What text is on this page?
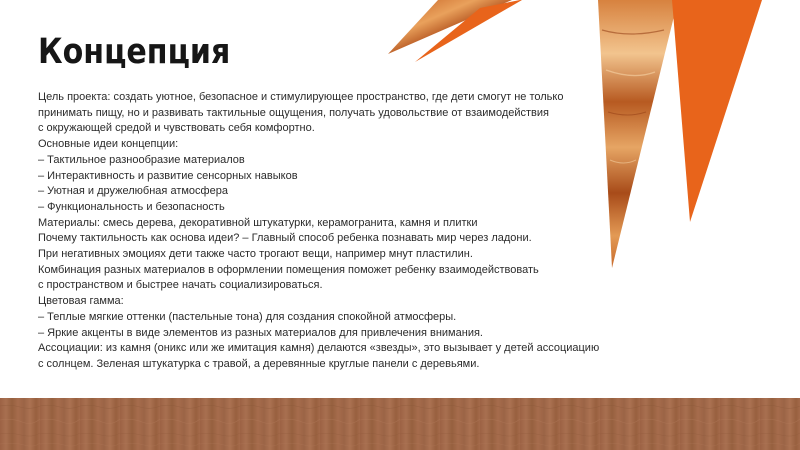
Концепция
Цель проекта: создать уютное, безопасное и стимулирующее пространство, где дети смогут не только
принимать пищу, но и развивать тактильные ощущения, получать удовольствие от взаимодействия
с окружающей средой и чувствовать себя комфортно.
Основные идеи концепции:
– Тактильное разнообразие материалов
– Интерактивность и развитие сенсорных навыков
– Уютная и дружелюбная атмосфера
– Функциональность и безопасность
Материалы: смесь дерева, декоративной штукатурки, керамогранита, камня и плитки
Почему тактильность как основа идеи? – Главный способ ребенка познавать мир через ладони.
При негативных эмоциях дети также часто трогают вещи, например мнут пластилин.
Комбинация разных материалов в оформлении помещения поможет ребенку взаимодействовать
с пространством и быстрее начать социализироваться.
Цветовая гамма:
– Теплые мягкие оттенки (пастельные тона) для создания спокойной атмосферы.
– Яркие акценты в виде элементов из разных материалов для привлечения внимания.
Ассоциации: из камня (оникс или же имитация камня) делаются «звезды», это вызывает у детей ассоциацию
с солнцем. Зеленая штукатурка с травой, а деревянные круглые панели с деревьями.
